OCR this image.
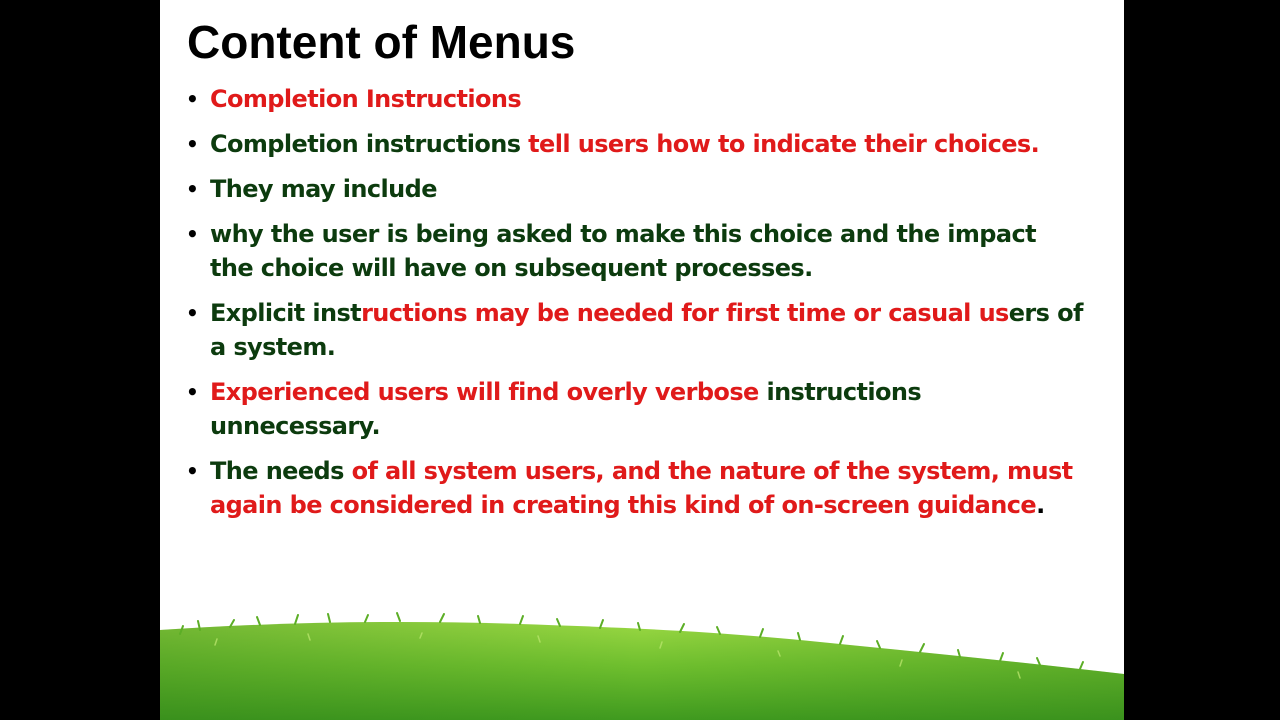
Content of Menus
• Completion Instructions
• Completion instructions tell users how to indicate their choices.
• They may include
• why the user is being asked to make this choice and the impact the choice will have on subsequent processes.
• Explicit instructions may be needed for first time or casual users of a system.
• Experienced users will find overly verbose instructions unnecessary.
• The needs of all system users, and the nature of the system, must again be considered in creating this kind of on-screen guidance.
